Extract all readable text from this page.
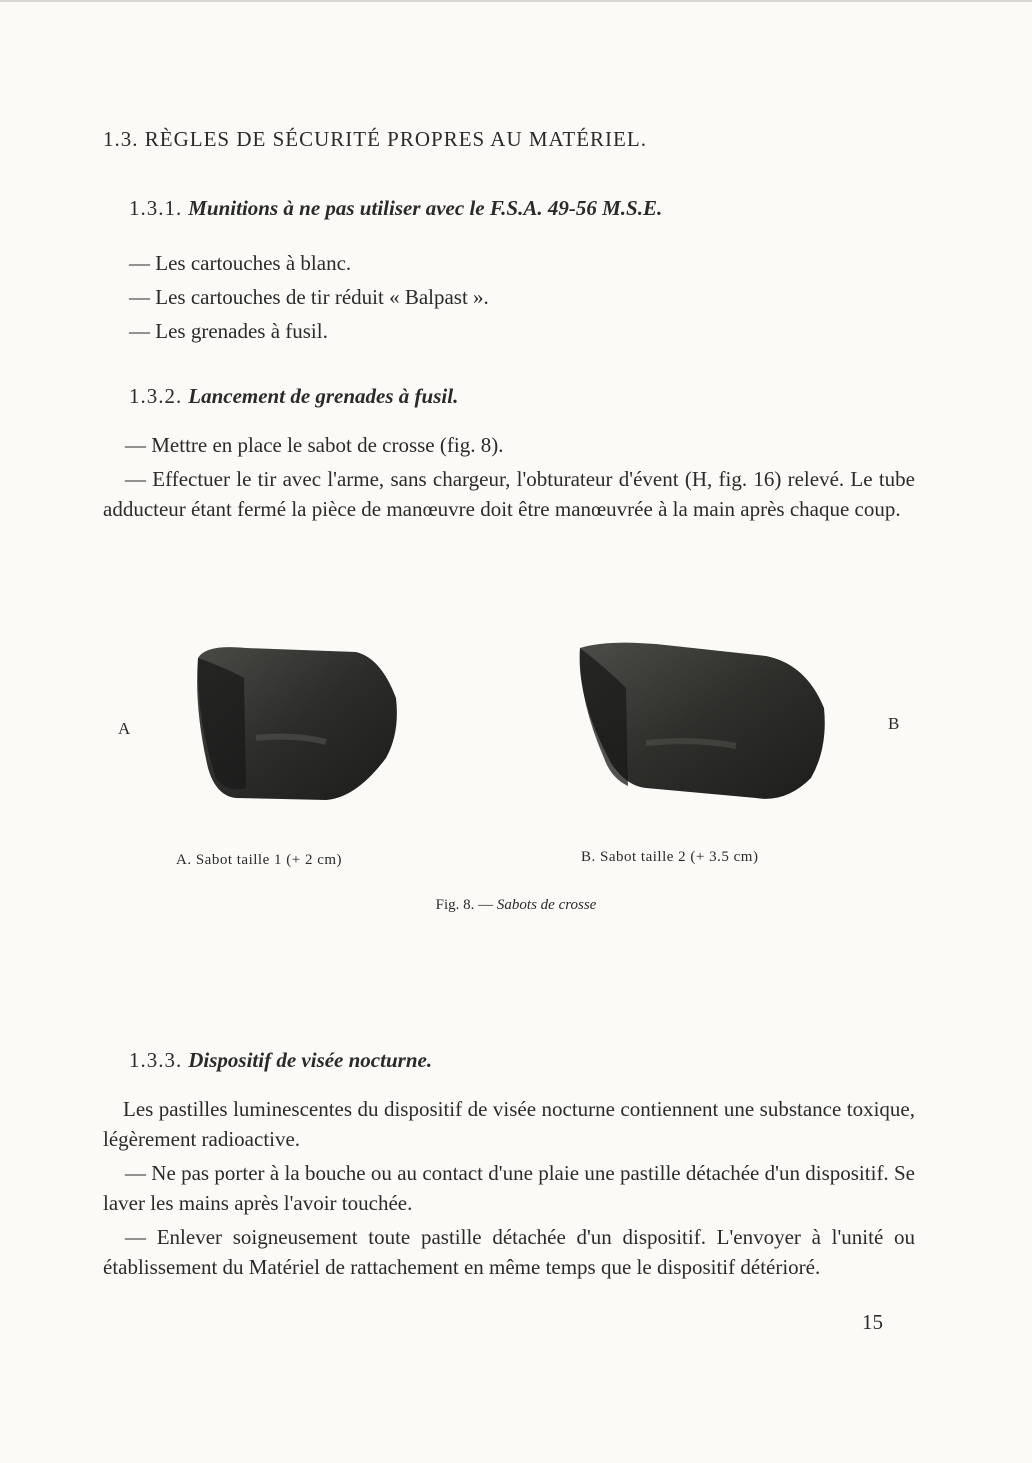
1.3. RÈGLES DE SÉCURITÉ PROPRES AU MATÉRIEL.
1.3.1. Munitions à ne pas utiliser avec le F.S.A. 49-56 M.S.E.
— Les cartouches à blanc.
— Les cartouches de tir réduit « Balpast ».
— Les grenades à fusil.
1.3.2. Lancement de grenades à fusil.

— Mettre en place le sabot de crosse (fig. 8).

— Effectuer le tir avec l'arme, sans chargeur, l'obturateur d'évent (H, fig. 16) relevé. Le tube adducteur étant fermé la pièce de manœuvre doit être manœuvrée à la main après chaque coup.

A	B
A. Sabot taille 1 (+ 2 cm)	B. Sabot taille 2 (+ 3.5 cm)
Fig. 8. — Sabots de crosse
1.3.3. Dispositif de visée nocturne.

Les pastilles luminescentes du dispositif de visée nocturne contiennent une substance toxique, légèrement radioactive.

— Ne pas porter à la bouche ou au contact d'une plaie une pastille détachée d'un dispositif. Se laver les mains après l'avoir touchée.

— Enlever soigneusement toute pastille détachée d'un dispositif. L'envoyer à l'unité ou établissement du Matériel de rattachement en même temps que le dispositif détérioré.

15
